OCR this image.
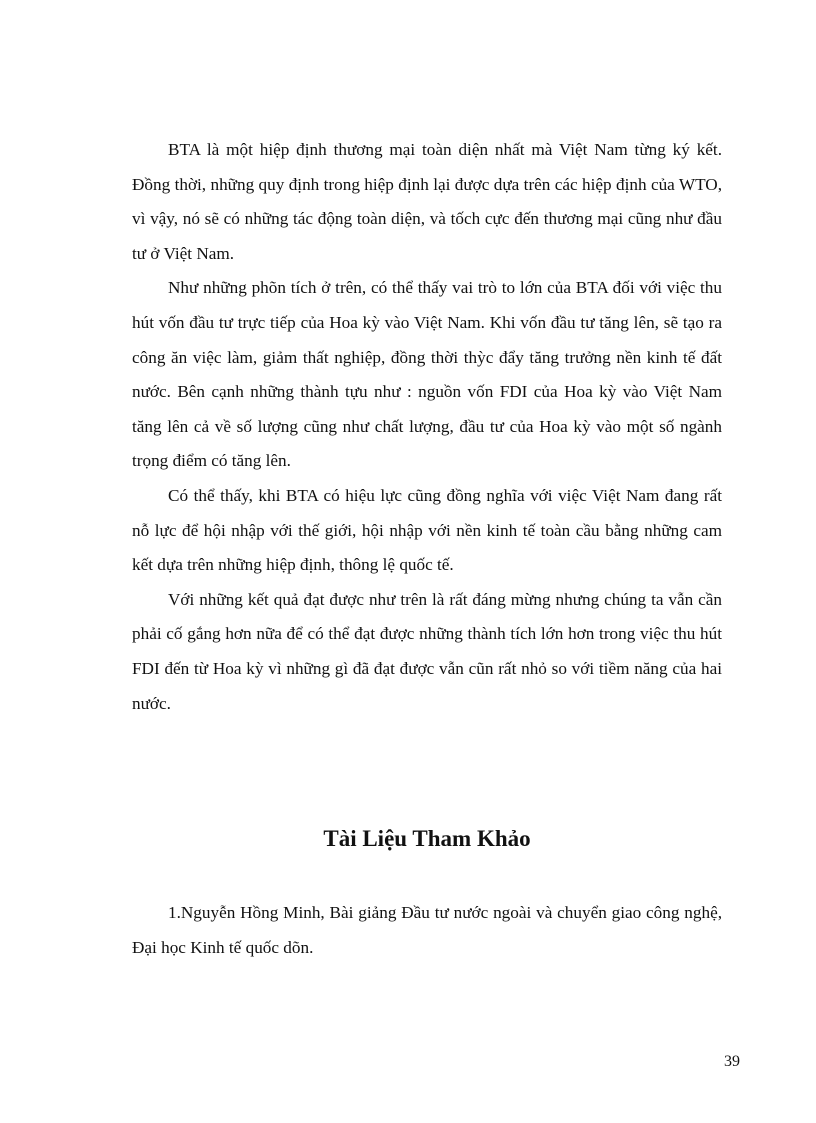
BTA là một hiệp định thương mại toàn diện nhất mà Việt Nam từng ký kết. Đồng thời, những quy định trong hiệp định lại được dựa trên các hiệp định của WTO, vì vậy, nó sẽ có những tác động toàn diện, và tốch cực đến thương mại cũng như đầu tư ở Việt Nam.

Như những phõn tích ở trên, có thể thấy vai trò to lớn của BTA đối với việc thu hút vốn đầu tư trực tiếp của Hoa kỳ vào Việt Nam. Khi vốn đầu tư tăng lên, sẽ tạo ra công ăn việc làm, giảm thất nghiệp, đồng thời thỳc đẩy tăng trưởng nền kinh tế đất nước. Bên cạnh những thành tựu như : nguồn vốn FDI của Hoa kỳ vào Việt Nam tăng lên cả về số lượng cũng như chất lượng, đầu tư của Hoa kỳ vào một số ngành trọng điểm có tăng lên.

Có thể thấy, khi BTA có hiệu lực cũng đồng nghĩa với việc Việt Nam đang rất nỗ lực để hội nhập với thế giới, hội nhập với nền kinh tế toàn cầu bằng những cam kết dựa trên những hiệp định, thông lệ quốc tế.

Với những kết quả đạt được như trên là rất đáng mừng nhưng chúng ta vẫn cần phải cố gắng hơn nữa để có thể đạt được những thành tích lớn hơn trong việc thu hút FDI đến từ Hoa kỳ vì những gì đã đạt được vẫn cũn rất nhỏ so với tiềm năng của hai nước.

Tài Liệu Tham Khảo

1.Nguyễn Hồng Minh, Bài giảng Đầu tư nước ngoài và chuyển giao công nghệ, Đại học Kinh tế quốc dõn.

39
